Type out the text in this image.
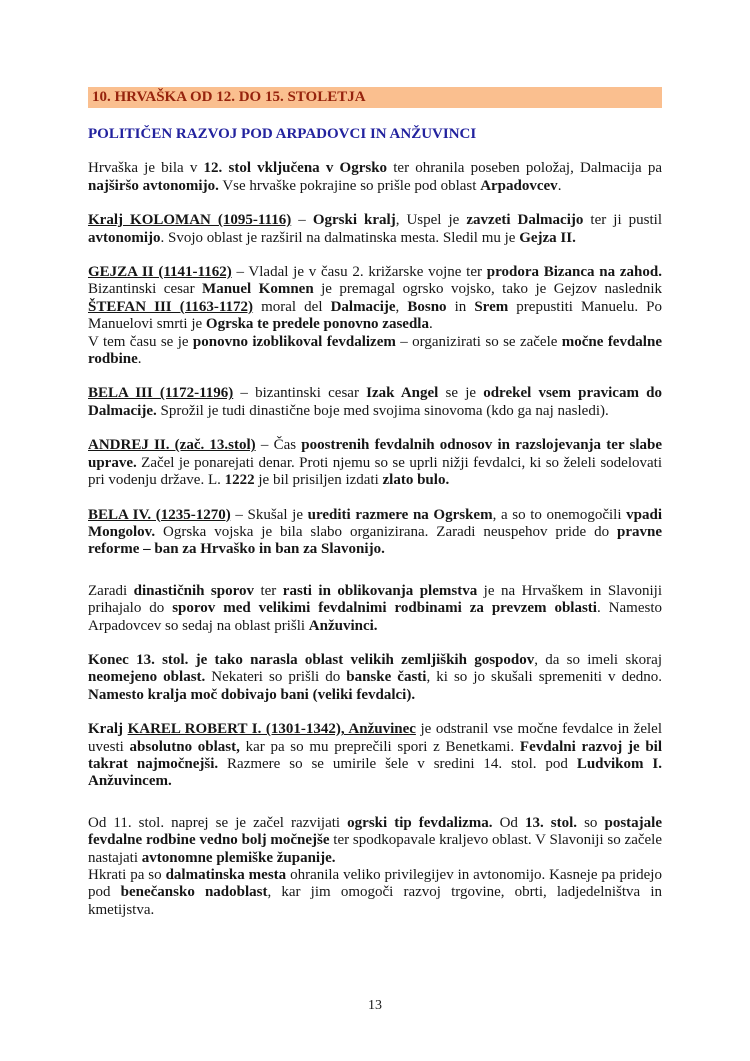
10. HRVAŠKA OD 12. DO 15. STOLETJA
POLITIČEN RAZVOJ POD ARPADOVCI IN ANŽUVINCI

Hrvaška je bila v 12. stol vključena v Ogrsko ter ohranila poseben položaj, Dalmacija pa najširšo avtonomijo. Vse hrvaške pokrajine so prišle pod oblast Arpadovcev.

Kralj KOLOMAN (1095-1116) – Ogrski kralj, Uspel je zavzeti Dalmacijo ter ji pustil avtonomijo. Svojo oblast je razširil na dalmatinska mesta. Sledil mu je Gejza II.

GEJZA II (1141-1162) – Vladal je v času 2. križarske vojne ter prodora Bizanca na zahod. Bizantinski cesar Manuel Komnen je premagal ogrsko vojsko, tako je Gejzov naslednik ŠTEFAN III (1163-1172) moral del Dalmacije, Bosno in Srem prepustiti Manuelu. Po Manuelovi smrti je Ogrska te predele ponovno zasedla.
V tem času se je ponovno izoblikoval fevdalizem – organizirati so se začele močne fevdalne rodbine.

BELA III (1172-1196) – bizantinski cesar Izak Angel se je odrekel vsem pravicam do Dalmacije. Sprožil je tudi dinastične boje med svojima sinovoma (kdo ga naj nasledi).

ANDREJ II. (zač. 13.stol) – Čas poostrenih fevdalnih odnosov in razslojevanja ter slabe uprave. Začel je ponarejati denar. Proti njemu so se uprli nižji fevdalci, ki so želeli sodelovati pri vodenju države. L. 1222 je bil prisiljen izdati zlato bulo.

BELA IV. (1235-1270) – Skušal je urediti razmere na Ogrskem, a so to onemogočili vpadi Mongolov. Ogrska vojska je bila slabo organizirana. Zaradi neuspehov pride do pravne reforme – ban za Hrvaško in ban za Slavonijo.

Zaradi dinastičnih sporov ter rasti in oblikovanja plemstva je na Hrvaškem in Slavoniji prihajalo do sporov med velikimi fevdalnimi rodbinami za prevzem oblasti. Namesto Arpadovcev so sedaj na oblast prišli Anžuvinci.

Konec 13. stol. je tako narasla oblast velikih zemljiških gospodov, da so imeli skoraj neomejeno oblast. Nekateri so prišli do banske časti, ki so jo skušali spremeniti v dedno. Namesto kralja moč dobivajo bani (veliki fevdalci).

Kralj KAREL ROBERT I. (1301-1342), Anžuvinec je odstranil vse močne fevdalce in želel uvesti absolutno oblast, kar pa so mu preprečili spori z Benetkami. Fevdalni razvoj je bil takrat najmočnejši. Razmere so se umirile šele v sredini 14. stol. pod Ludvikom I. Anžuvincem.

Od 11. stol. naprej se je začel razvijati ogrski tip fevdalizma. Od 13. stol. so postajale fevdalne rodbine vedno bolj močnejše ter spodkopavale kraljevo oblast. V Slavoniji so začele nastajati avtonomne plemiške županije.
Hkrati pa so dalmatinska mesta ohranila veliko privilegijev in avtonomijo. Kasneje pa pridejo pod benečansko nadoblast, kar jim omogoči razvoj trgovine, obrti, ladjedelništva in kmetijstva.

13
